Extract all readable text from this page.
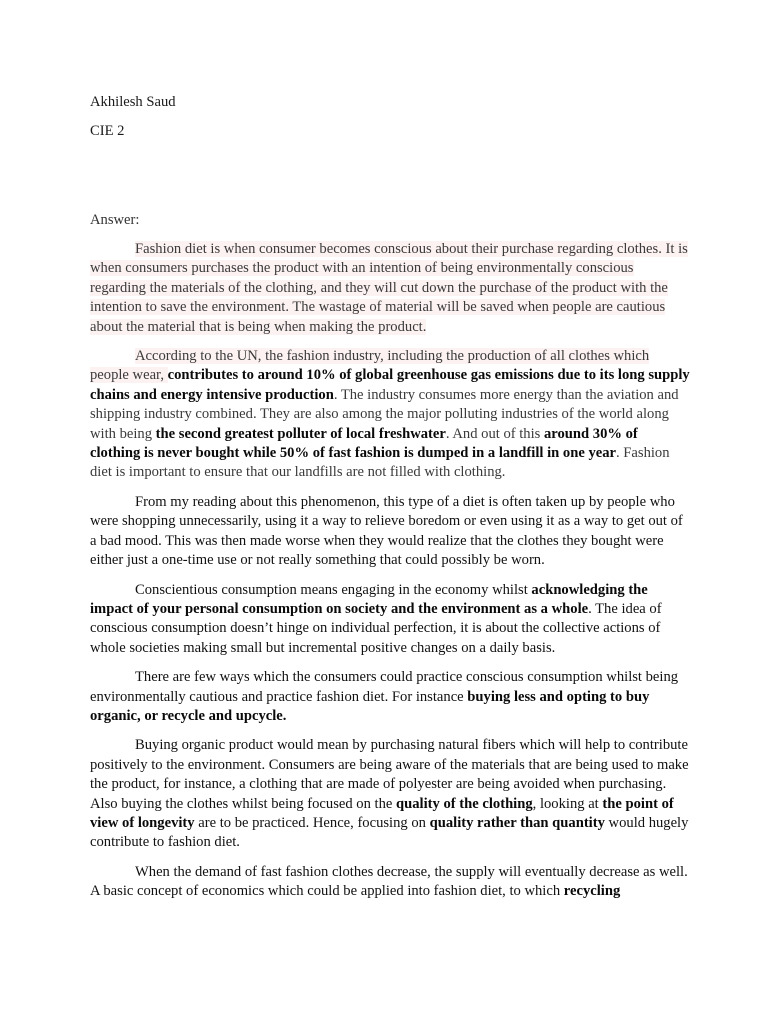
Akhilesh Saud
CIE 2
Answer:

Fashion diet is when consumer becomes conscious about their purchase regarding clothes. It is when consumers purchases the product with an intention of being environmentally conscious regarding the materials of the clothing, and they will cut down the purchase of the product with the intention to save the environment. The wastage of material will be saved when people are cautious about the material that is being when making the product.

According to the UN, the fashion industry, including the production of all clothes which people wear, contributes to around 10% of global greenhouse gas emissions due to its long supply chains and energy intensive production. The industry consumes more energy than the aviation and shipping industry combined. They are also among the major polluting industries of the world along with being the second greatest polluter of local freshwater. And out of this around 30% of clothing is never bought while 50% of fast fashion is dumped in a landfill in one year. Fashion diet is important to ensure that our landfills are not filled with clothing.

From my reading about this phenomenon, this type of a diet is often taken up by people who were shopping unnecessarily, using it a way to relieve boredom or even using it as a way to get out of a bad mood. This was then made worse when they would realize that the clothes they bought were either just a one-time use or not really something that could possibly be worn.

Conscientious consumption means engaging in the economy whilst acknowledging the impact of your personal consumption on society and the environment as a whole. The idea of conscious consumption doesn’t hinge on individual perfection, it is about the collective actions of whole societies making small but incremental positive changes on a daily basis.

There are few ways which the consumers could practice conscious consumption whilst being environmentally cautious and practice fashion diet. For instance buying less and opting to buy organic, or recycle and upcycle.

Buying organic product would mean by purchasing natural fibers which will help to contribute positively to the environment. Consumers are being aware of the materials that are being used to make the product, for instance, a clothing that are made of polyester are being avoided when purchasing. Also buying the clothes whilst being focused on the quality of the clothing, looking at the point of view of longevity are to be practiced. Hence, focusing on quality rather than quantity would hugely contribute to fashion diet.

When the demand of fast fashion clothes decrease, the supply will eventually decrease as well. A basic concept of economics which could be applied into fashion diet, to which recycling
